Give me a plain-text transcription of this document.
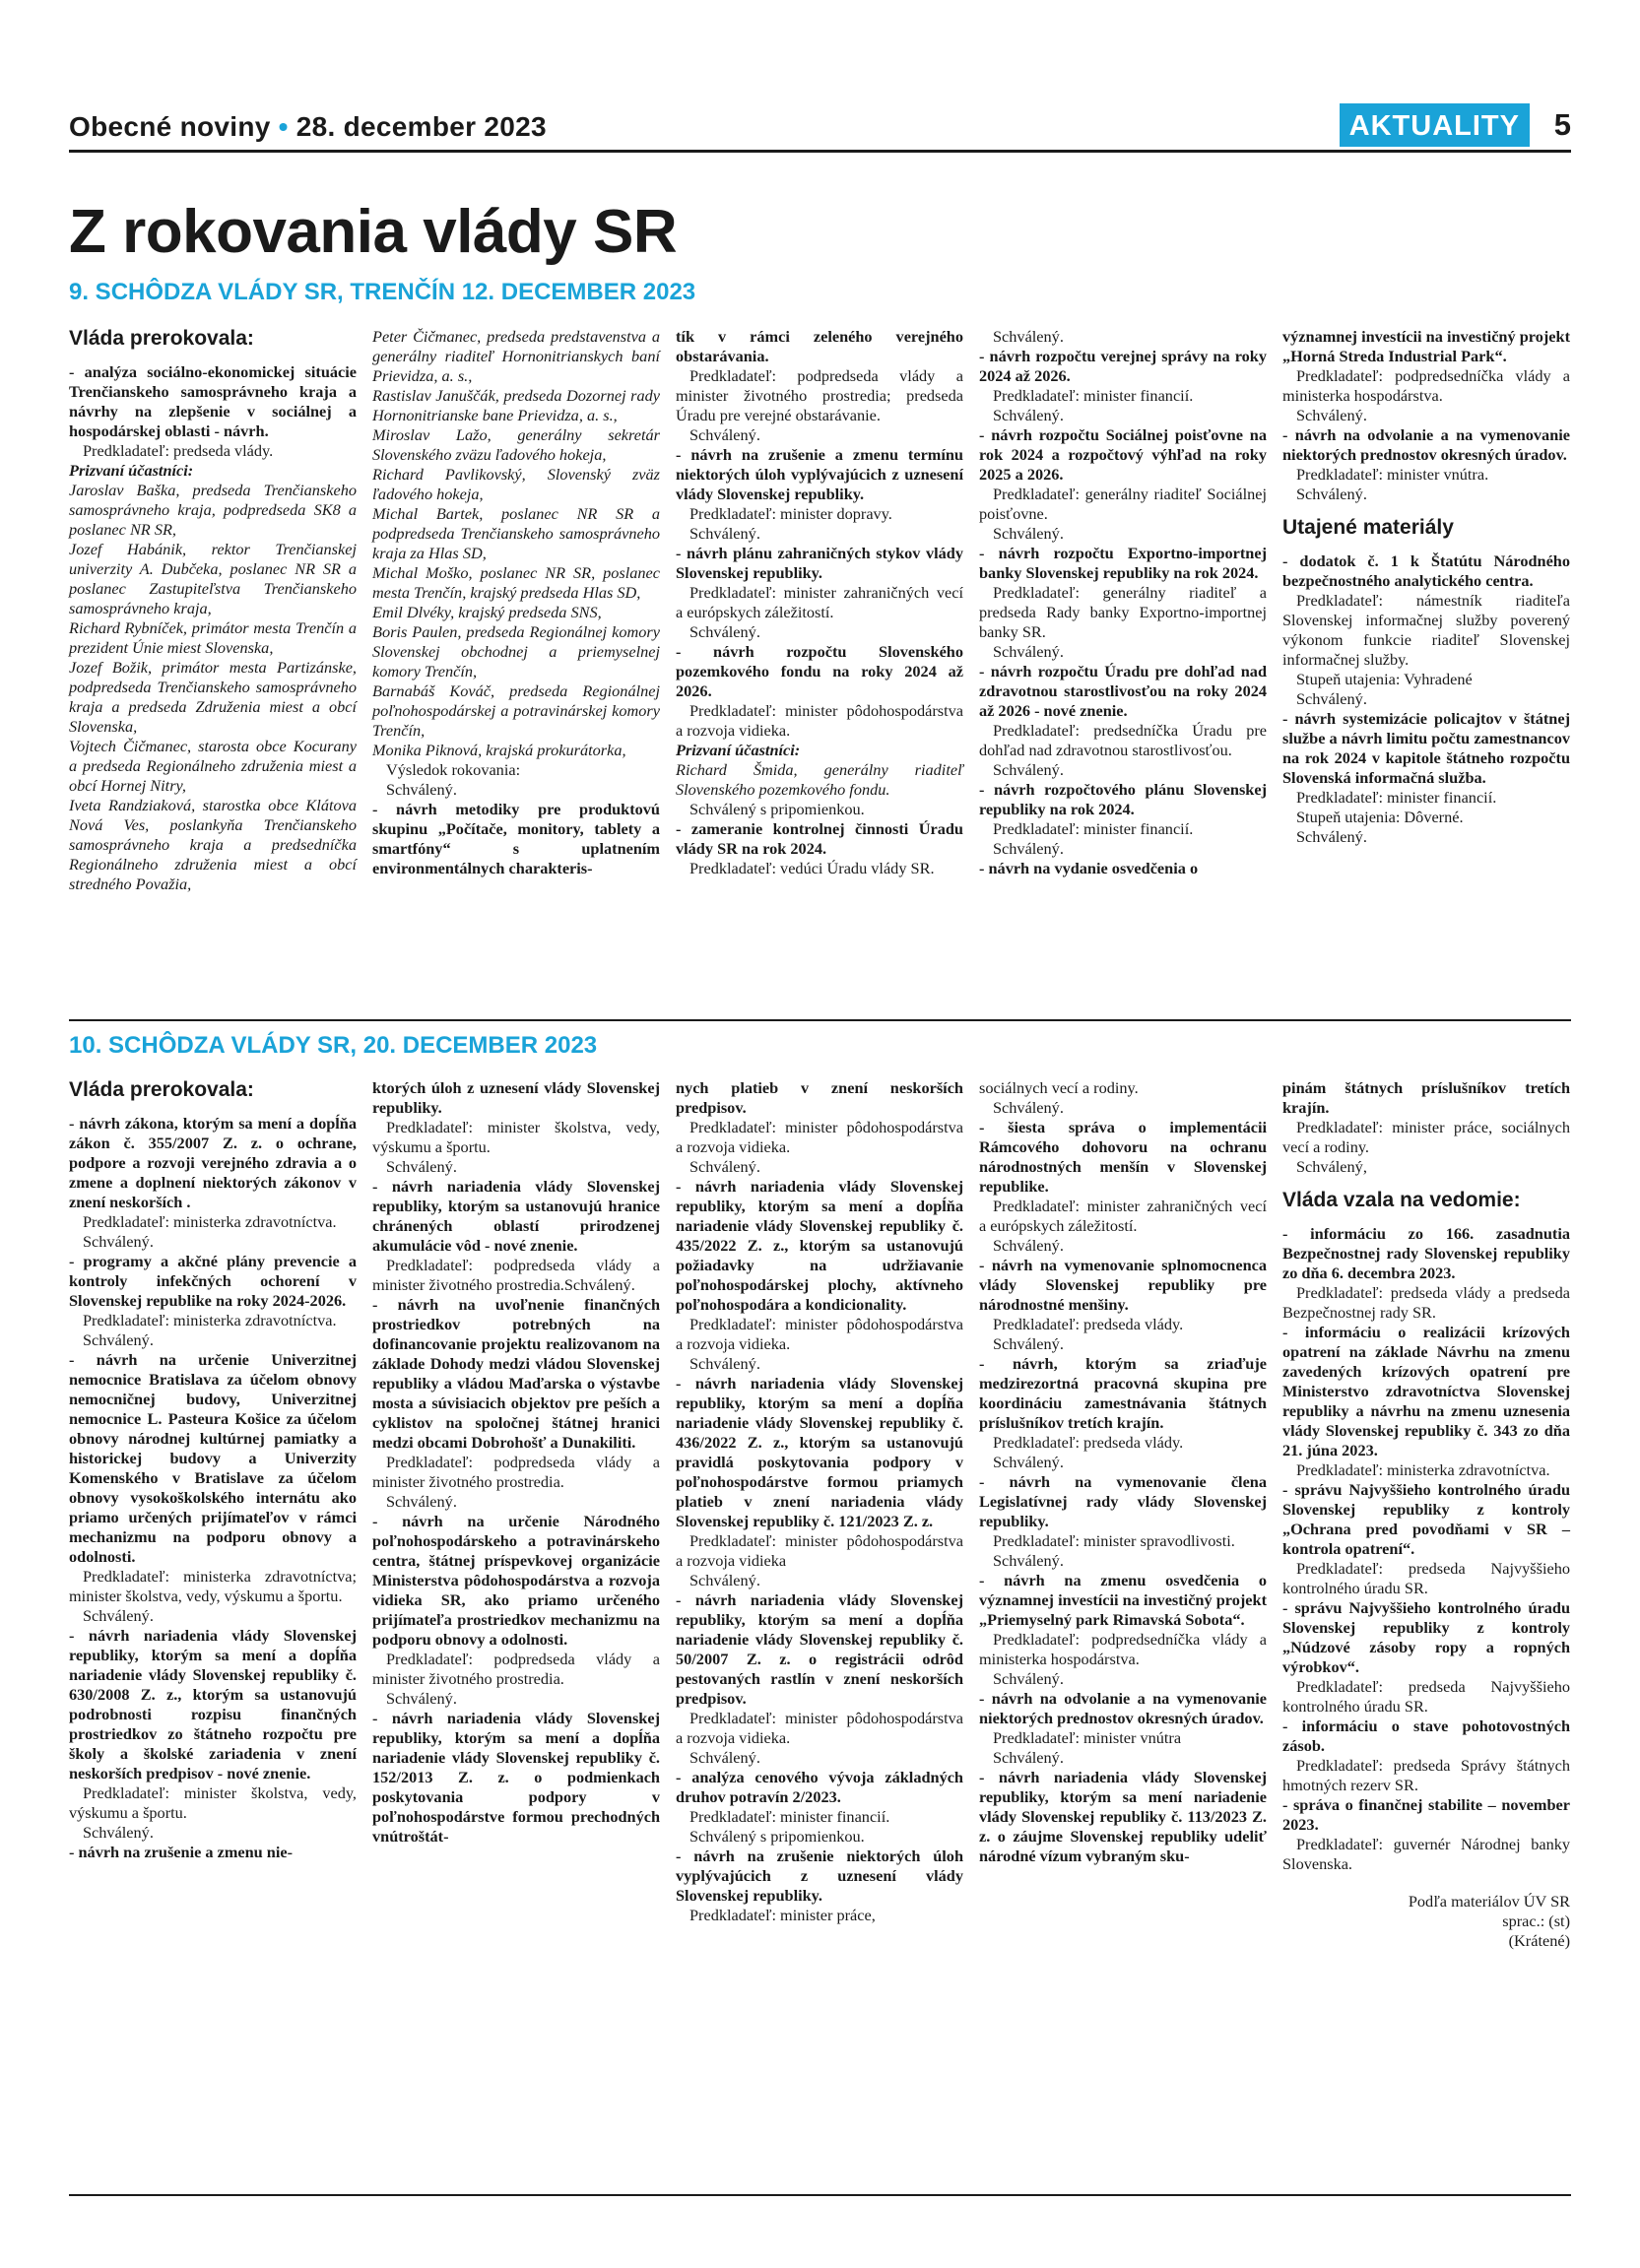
Obecné noviny • 28. december 2023	AKTUALITY	5
Z rokovania vlády SR
9. SCHÔDZA VLÁDY SR, TRENČÍN 12. DECEMBER 2023
Vláda prerokovala:

- analýza sociálno-ekonomickej situácie Trenčianskeho samosprávneho kraja a návrhy na zlepšenie v sociálnej a hospodárskej oblasti - návrh.

Predkladateľ: predseda vlády.

Prizvaní účastníci:

Jaroslav Baška, predseda Trenčianskeho samosprávneho kraja, podpredseda SK8 a poslanec NR SR,

Jozef Habánik, rektor Trenčianskej univerzity A. Dubčeka, poslanec NR SR a poslanec Zastupiteľstva Trenčianskeho samosprávneho kraja,

Richard Rybníček, primátor mesta Trenčín a prezident Únie miest Slovenska,

Jozef Božik, primátor mesta Partizánske, podpredseda Trenčianskeho samosprávneho kraja a predseda Združenia miest a obcí Slovenska,

Vojtech Čičmanec, starosta obce Kocurany a predseda Regionálneho združenia miest a obcí Hornej Nitry,

Iveta Randziaková, starostka obce Klátova Nová Ves, poslankyňa Trenčianskeho samosprávneho kraja a predsedníčka Regionálneho združenia miest a obcí stredného Považia,

Peter Čičmanec, predseda predstavenstva a generálny riaditeľ Hornonitrianskych baní Prievidza, a. s.,

Rastislav Januščák, predseda Dozornej rady Hornonitrianske bane Prievidza, a. s.,

Miroslav Lažo, generálny sekretár Slovenského zväzu ľadového hokeja,

Richard Pavlikovský, Slovenský zväz ľadového hokeja,

Michal Bartek, poslanec NR SR a podpredseda Trenčianskeho samosprávneho kraja za Hlas SD,

Michal Moško, poslanec NR SR, poslanec mesta Trenčín, krajský predseda Hlas SD,

Emil Dlvéky, krajský predseda SNS,

Boris Paulen, predseda Regionálnej komory Slovenskej obchodnej a priemyselnej komory Trenčín,

Barnabáš Kováč, predseda Regionálnej poľnohospodárskej a potravinárskej komory Trenčín,

Monika Piknová, krajská prokurátorka,

Výsledok rokovania:

Schválený.

- návrh metodiky pre produktovú skupinu „Počítače, monitory, tablety a smartfóny“ s uplatnením environmentálnych charakteris-

tík v rámci zeleného verejného obstarávania.

Predkladateľ: podpredseda vlády a minister životného prostredia; predseda Úradu pre verejné obstarávanie.

Schválený.

- návrh na zrušenie a zmenu termínu niektorých úloh vyplývajúcich z uznesení vlády Slovenskej republiky.

Predkladateľ: minister dopravy.

Schválený.

- návrh plánu zahraničných stykov vlády Slovenskej republiky.

Predkladateľ: minister zahraničných vecí a európskych záležitostí.

Schválený.

- návrh rozpočtu Slovenského pozemkového fondu na roky 2024 až 2026.

Predkladateľ: minister pôdohospodárstva a rozvoja vidieka.

Prizvaní účastníci:

Richard Šmida, generálny riaditeľ Slovenského pozemkového fondu.

Schválený s pripomienkou.

- zameranie kontrolnej činnosti Úradu vlády SR na rok 2024.

Predkladateľ: vedúci Úradu vlády SR.

Schválený.

- návrh rozpočtu verejnej správy na roky 2024 až 2026.

Predkladateľ: minister financií.

Schválený.

- návrh rozpočtu Sociálnej poisťovne na rok 2024 a rozpočtový výhľad na roky 2025 a 2026.

Predkladateľ: generálny riaditeľ Sociálnej poisťovne.

Schválený.

- návrh rozpočtu Exportno-importnej banky Slovenskej republiky na rok 2024.

Predkladateľ: generálny riaditeľ a predseda Rady banky Exportno-importnej banky SR.

Schválený.

- návrh rozpočtu Úradu pre dohľad nad zdravotnou starostlivosťou na roky 2024 až 2026 - nové znenie.

Predkladateľ: predsedníčka Úradu pre dohľad nad zdravotnou starostlivosťou.

Schválený.

- návrh rozpočtového plánu Slovenskej republiky na rok 2024.

Predkladateľ: minister financií.

Schválený.

- návrh na vydanie osvedčenia o

významnej investícii na investičný projekt „Horná Streda Industrial Park“.

Predkladateľ: podpredsedníčka vlády a ministerka hospodárstva.

Schválený.

- návrh na odvolanie a na vymenovanie niektorých prednostov okresných úradov.

Predkladateľ: minister vnútra.

Schválený.

Utajené materiály

- dodatok č. 1 k Štatútu Národného bezpečnostného analytického centra.

Predkladateľ: námestník riaditeľa Slovenskej informačnej služby poverený výkonom funkcie riaditeľ Slovenskej informačnej služby.

Stupeň utajenia: Vyhradené

Schválený.

- návrh systemizácie policajtov v štátnej službe a návrh limitu počtu zamestnancov na rok 2024 v kapitole štátneho rozpočtu Slovenská informačná služba.

Predkladateľ: minister financií.

Stupeň utajenia: Dôverné.

Schválený.

10. SCHÔDZA VLÁDY SR, 20. DECEMBER 2023
Vláda prerokovala:

- návrh zákona, ktorým sa mení a dopĺňa zákon č. 355/2007 Z. z. o ochrane, podpore a rozvoji verejného zdravia a o zmene a doplnení niektorých zákonov v znení neskorších .

Predkladateľ: ministerka zdravotníctva.

Schválený.

- programy a akčné plány prevencie a kontroly infekčných ochorení v Slovenskej republike na roky 2024-2026.

Predkladateľ: ministerka zdravotníctva.

Schválený.

- návrh na určenie Univerzitnej nemocnice Bratislava za účelom obnovy nemocničnej budovy, Univerzitnej nemocnice L. Pasteura Košice za účelom obnovy národnej kultúrnej pamiatky a historickej budovy a Univerzity Komenského v Bratislave za účelom obnovy vysokoškolského internátu ako priamo určených prijímateľov v rámci mechanizmu na podporu obnovy a odolnosti.

Predkladateľ: ministerka zdravotníctva; minister školstva, vedy, výskumu a športu.

Schválený.

- návrh nariadenia vlády Slovenskej republiky, ktorým sa mení a dopĺňa nariadenie vlády Slovenskej republiky č. 630/2008 Z. z., ktorým sa ustanovujú podrobnosti rozpisu finančných prostriedkov zo štátneho rozpočtu pre školy a školské zariadenia v znení neskorších predpisov - nové znenie.

Predkladateľ: minister školstva, vedy, výskumu a športu.

Schválený.

- návrh na zrušenie a zmenu nie-

ktorých úloh z uznesení vlády Slovenskej republiky.

Predkladateľ: minister školstva, vedy, výskumu a športu.

Schválený.

- návrh nariadenia vlády Slovenskej republiky, ktorým sa ustanovujú hranice chránených oblastí prirodzenej akumulácie vôd - nové znenie.

Predkladateľ: podpredseda vlády a minister životného prostredia.Schválený.

- návrh na uvoľnenie finančných prostriedkov potrebných na dofinancovanie projektu realizovanom na základe Dohody medzi vládou Slovenskej republiky a vládou Maďarska o výstavbe mosta a súvisiacich objektov pre peších a cyklistov na spoločnej štátnej hranici medzi obcami Dobrohošť a Dunakiliti.

Predkladateľ: podpredseda vlády a minister životného prostredia.

Schválený.

- návrh na určenie Národného poľnohospodárskeho a potravinárskeho centra, štátnej príspevkovej organizácie Ministerstva pôdohospodárstva a rozvoja vidieka SR, ako priamo určeného prijímateľa prostriedkov mechanizmu na podporu obnovy a odolnosti.

Predkladateľ: podpredseda vlády a minister životného prostredia.

Schválený.

- návrh nariadenia vlády Slovenskej republiky, ktorým sa mení a dopĺňa nariadenie vlády Slovenskej republiky č. 152/2013 Z. z. o podmienkach poskytovania podpory v poľnohospodárstve formou prechodných vnútroštát-

nych platieb v znení neskorších predpisov.

Predkladateľ: minister pôdohospodárstva a rozvoja vidieka.

Schválený.

- návrh nariadenia vlády Slovenskej republiky, ktorým sa mení a dopĺňa nariadenie vlády Slovenskej republiky č. 435/2022 Z. z., ktorým sa ustanovujú požiadavky na udržiavanie poľnohospodárskej plochy, aktívneho poľnohospodára a kondicionality.

Predkladateľ: minister pôdohospodárstva a rozvoja vidieka.

Schválený.

- návrh nariadenia vlády Slovenskej republiky, ktorým sa mení a dopĺňa nariadenie vlády Slovenskej republiky č. 436/2022 Z. z., ktorým sa ustanovujú pravidlá poskytovania podpory v poľnohospodárstve formou priamych platieb v znení nariadenia vlády Slovenskej republiky č. 121/2023 Z. z.

Predkladateľ: minister pôdohospodárstva a rozvoja vidieka

Schválený.

- návrh nariadenia vlády Slovenskej republiky, ktorým sa mení a dopĺňa nariadenie vlády Slovenskej republiky č. 50/2007 Z. z. o registrácii odrôd pestovaných rastlín v znení neskorších predpisov.

Predkladateľ: minister pôdohospodárstva a rozvoja vidieka.

Schválený.

- analýza cenového vývoja základných druhov potravín 2/2023.

Predkladateľ: minister financií.

Schválený s pripomienkou.

- návrh na zrušenie niektorých úloh vyplývajúcich z uznesení vlády Slovenskej republiky.

Predkladateľ: minister práce,

sociálnych vecí a rodiny.

Schválený.

- šiesta správa o implementácii Rámcového dohovoru na ochranu národnostných menšín v Slovenskej republike.

Predkladateľ: minister zahraničných vecí a európskych záležitostí.

Schválený.

- návrh na vymenovanie splnomocnenca vlády Slovenskej republiky pre národnostné menšiny.

Predkladateľ: predseda vlády.

Schválený.

- návrh, ktorým sa zriaďuje medzirezortná pracovná skupina pre koordináciu zamestnávania štátnych príslušníkov tretích krajín.

Predkladateľ: predseda vlády.

Schválený.

- návrh na vymenovanie člena Legislatívnej rady vlády Slovenskej republiky.

Predkladateľ: minister spravodlivosti.

Schválený.

- návrh na zmenu osvedčenia o významnej investícii na investičný projekt „Priemyselný park Rimavská Sobota“.

Predkladateľ: podpredsedníčka vlády a ministerka hospodárstva.

Schválený.

- návrh na odvolanie a na vymenovanie niektorých prednostov okresných úradov.

Predkladateľ: minister vnútra

Schválený.

- návrh nariadenia vlády Slovenskej republiky, ktorým sa mení nariadenie vlády Slovenskej republiky č. 113/2023 Z. z. o záujme Slovenskej republiky udeliť národné vízum vybraným sku-

pinám štátnych príslušníkov tretích krajín.

Predkladateľ: minister práce, sociálnych vecí a rodiny.

Schválený,

Vláda vzala na vedomie:

- informáciu zo 166. zasadnutia Bezpečnostnej rady Slovenskej republiky zo dňa 6. decembra 2023.

Predkladateľ: predseda vlády a predseda Bezpečnostnej rady SR.

- informáciu o realizácii krízových opatrení na základe Návrhu na zmenu zavedených krízových opatrení pre Ministerstvo zdravotníctva Slovenskej republiky a návrhu na zmenu uznesenia vlády Slovenskej republiky č. 343 zo dňa 21. júna 2023.

Predkladateľ: ministerka zdravotníctva.

- správu Najvyššieho kontrolného úradu Slovenskej republiky z kontroly „Ochrana pred povodňami v SR – kontrola opatrení“.

Predkladateľ: predseda Najvyššieho kontrolného úradu SR.

- správu Najvyššieho kontrolného úradu Slovenskej republiky z kontroly „Núdzové zásoby ropy a ropných výrobkov“.

Predkladateľ: predseda Najvyššieho kontrolného úradu SR.

- informáciu o stave pohotovostných zásob.

Predkladateľ: predseda Správy štátnych hmotných rezerv SR.

- správa o finančnej stabilite – november 2023.

Predkladateľ: guvernér Národnej banky Slovenska.

Podľa materiálov ÚV SR
sprac.: (st)
(Krátené)
